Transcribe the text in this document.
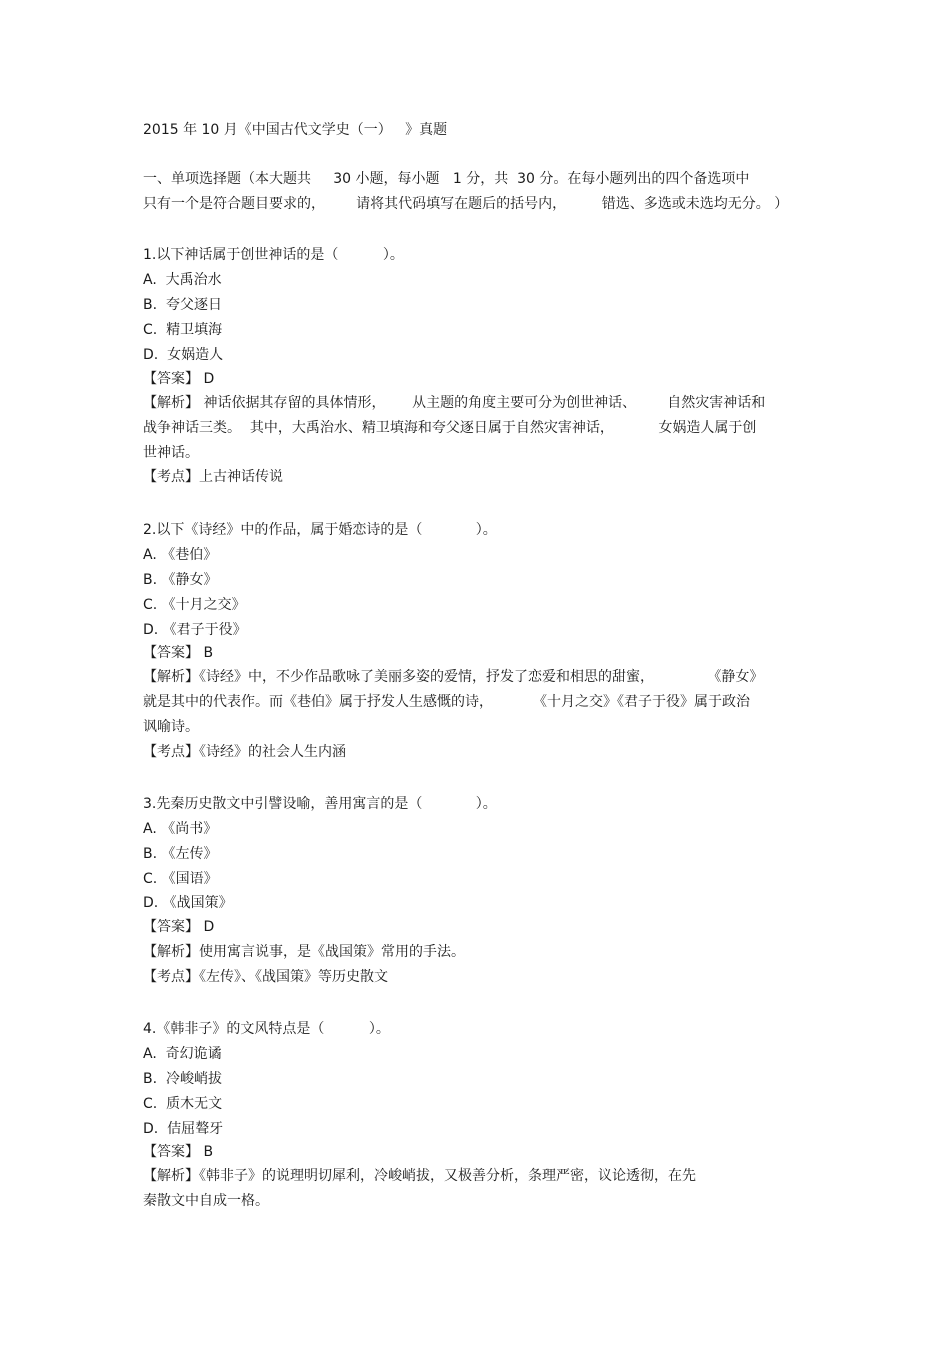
2015 年 10 月《中国古代文学史（一）   》真题
一、单项选择题（本大题共     30 小题，每小题   1 分，共  30 分。在每小题列出的四个备选项中
只有一个是符合题目要求的，       请将其代码填写在题后的括号内，        错选、多选或未选均无分。 ）
1.以下神话属于创世神话的是（          ）。
A.  大禹治水
B.  夸父逐日
C.  精卫填海
D.  女娲造人
【答案】 D
【解析】 神话依据其存留的具体情形，      从主题的角度主要可分为创世神话、       自然灾害神话和
战争神话三类。  其中，大禹治水、精卫填海和夸父逐日属于自然灾害神话，          女娲造人属于创
世神话。
【考点】上古神话传说
2.以下《诗经》中的作品，属于婚恋诗的是（            ）。
A. 《巷伯》
B. 《静女》
C. 《十月之交》
D. 《君子于役》
【答案】 B
【解析】《诗经》中，不少作品歌咏了美丽多姿的爱情，抒发了恋爱和相思的甜蜜，            《静女》
就是其中的代表作。而《巷伯》属于抒发人生感慨的诗，         《十月之交》《君子于役》属于政治
讽喻诗。
【考点】《诗经》的社会人生内涵
3.先秦历史散文中引譬设喻，善用寓言的是（            ）。
A. 《尚书》
B. 《左传》
C. 《国语》
D. 《战国策》
【答案】 D
【解析】使用寓言说事，是《战国策》常用的手法。
【考点】《左传》、《战国策》等历史散文
4.《韩非子》的文风特点是（          ）。
A.  奇幻诡谲
B.  冷峻峭拔
C.  质木无文
D.  佶屈聱牙
【答案】 B
【解析】《韩非子》的说理明切犀利，冷峻峭拔，又极善分析，条理严密，议论透彻，在先
秦散文中自成一格。
